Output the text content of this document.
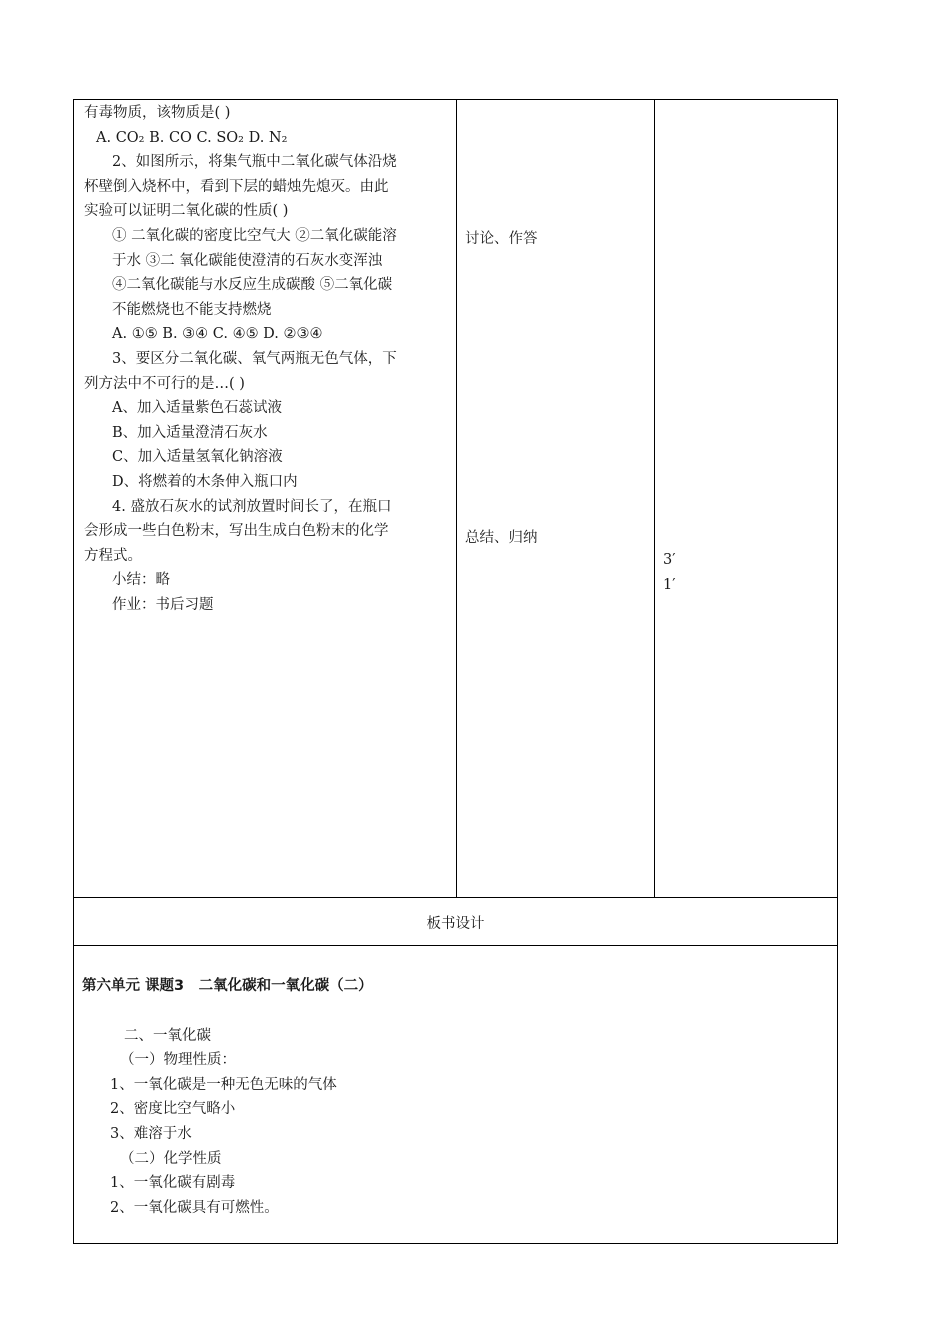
有毒物质，该物质是( )
A. CO₂ B. CO C. SO₂ D. N₂
2、如图所示，将集气瓶中二氧化碳气体沿烧
杯壁倒入烧杯中，看到下层的蜡烛先熄灭。由此
实验可以证明二氧化碳的性质( )
① 二氧化碳的密度比空气大 ②二氧化碳能溶
于水 ③二 氧化碳能使澄清的石灰水变浑浊
④二氧化碳能与水反应生成碳酸 ⑤二氧化碳
不能燃烧也不能支持燃烧
A. ①⑤ B. ③④ C. ④⑤ D. ②③④
3、要区分二氧化碳、氧气两瓶无色气体，下
列方法中不可行的是…( )
A、加入适量紫色石蕊试液
B、加入适量澄清石灰水
C、加入适量氢氧化钠溶液
D、将燃着的木条伸入瓶口内
4. 盛放石灰水的试剂放置时间长了，在瓶口
会形成一些白色粉末，写出生成白色粉末的化学
方程式。
小结：略
作业：书后习题
讨论、作答
总结、归纳
3′
1′
板书设计
第六单元 课题3　二氧化碳和一氧化碳（二）
二、一氧化碳
（一）物理性质：
1、一氧化碳是一种无色无味的气体
2、密度比空气略小
3、难溶于水
（二）化学性质
1、一氧化碳有剧毒
2、一氧化碳具有可燃性。
